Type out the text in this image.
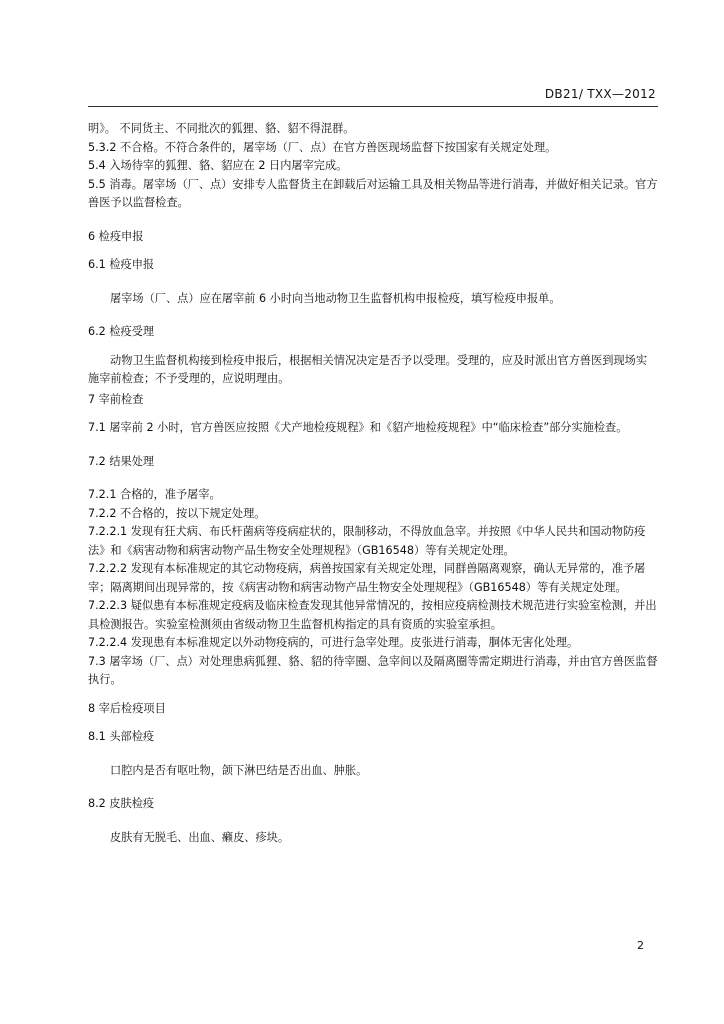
DB21/ TXX—2012

明》。 不同货主、不同批次的狐狸、貉、貂不得混群。

5.3.2 不合格。不符合条件的，屠宰场（厂、点）在官方兽医现场监督下按国家有关规定处理。

5.4 入场待宰的狐狸、貉、貂应在 2 日内屠宰完成。

5.5 消毒。屠宰场（厂、点）安排专人监督货主在卸载后对运输工具及相关物品等进行消毒，并做好相关记录。官方兽医予以监督检查。

6 检疫申报

6.1 检疫申报

屠宰场（厂、点）应在屠宰前 6 小时向当地动物卫生监督机构申报检疫，填写检疫申报单。

6.2 检疫受理

动物卫生监督机构接到检疫申报后，根据相关情况决定是否予以受理。受理的，应及时派出官方兽医到现场实施宰前检查；不予受理的，应说明理由。

7 宰前检查

7.1 屠宰前 2 小时，官方兽医应按照《犬产地检疫规程》和《貂产地检疫规程》中“临床检查”部分实施检查。

7.2 结果处理

7.2.1 合格的，准予屠宰。

7.2.2 不合格的，按以下规定处理。

7.2.2.1 发现有狂犬病、布氏杆菌病等疫病症状的，限制移动，不得放血急宰。并按照《中华人民共和国动物防疫法》和《病害动物和病害动物产品生物安全处理规程》（GB16548）等有关规定处理。

7.2.2.2 发现有本标准规定的其它动物疫病，病兽按国家有关规定处理，同群兽隔离观察，确认无异常的，准予屠宰；隔离期间出现异常的，按《病害动物和病害动物产品生物安全处理规程》（GB16548）等有关规定处理。

7.2.2.3 疑似患有本标准规定疫病及临床检查发现其他异常情况的，按相应疫病检测技术规范进行实验室检测，并出具检测报告。实验室检测须由省级动物卫生监督机构指定的具有资质的实验室承担。

7.2.2.4 发现患有本标准规定以外动物疫病的，可进行急宰处理。皮张进行消毒，胴体无害化处理。

7.3 屠宰场（厂、点）对处理患病狐狸、貉、貂的待宰圈、急宰间以及隔离圈等需定期进行消毒，并由官方兽医监督执行。

8 宰后检疫项目

8.1 头部检疫

口腔内是否有呕吐物，颌下淋巴结是否出血、肿胀。

8.2 皮肤检疫

皮肤有无脱毛、出血、癞皮、疹块。

2
